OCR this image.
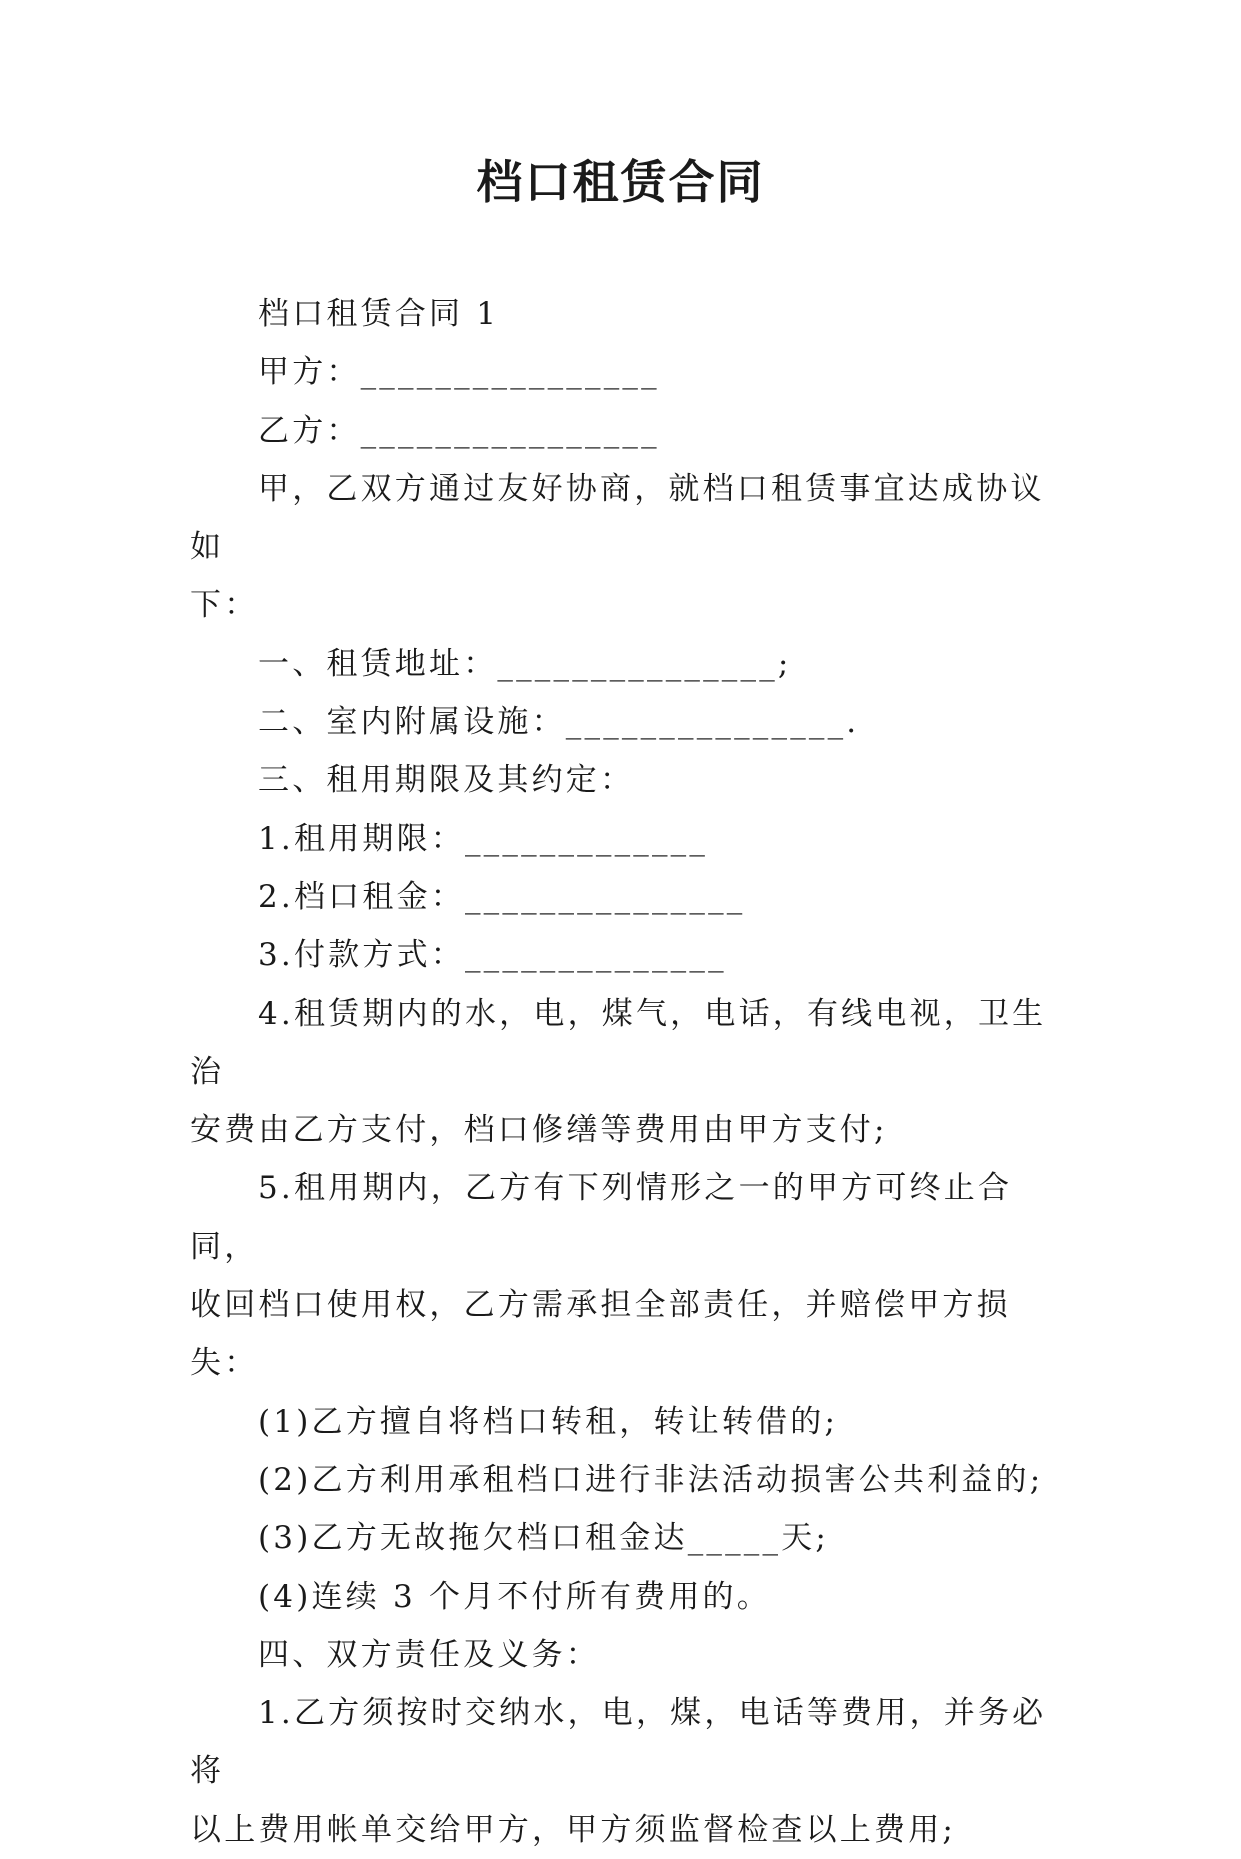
档口租赁合同

档口租赁合同 1

甲方：________________

乙方：________________

甲，乙双方通过友好协商，就档口租赁事宜达成协议如

下：

一、租赁地址：_______________;

二、室内附属设施：_______________.

三、租用期限及其约定：

1.租用期限：_____________

2.档口租金：_______________

3.付款方式：______________

4.租赁期内的水，电，煤气，电话，有线电视，卫生治

安费由乙方支付，档口修缮等费用由甲方支付;

5.租用期内，乙方有下列情形之一的甲方可终止合同，

收回档口使用权，乙方需承担全部责任，并赔偿甲方损失：

(1)乙方擅自将档口转租，转让转借的;

(2)乙方利用承租档口进行非法活动损害公共利益的;

(3)乙方无故拖欠档口租金达_____天;

(4)连续 3 个月不付所有费用的。

四、双方责任及义务：

1.乙方须按时交纳水，电，煤，电话等费用，并务必将

以上费用帐单交给甲方，甲方须监督检查以上费用;
